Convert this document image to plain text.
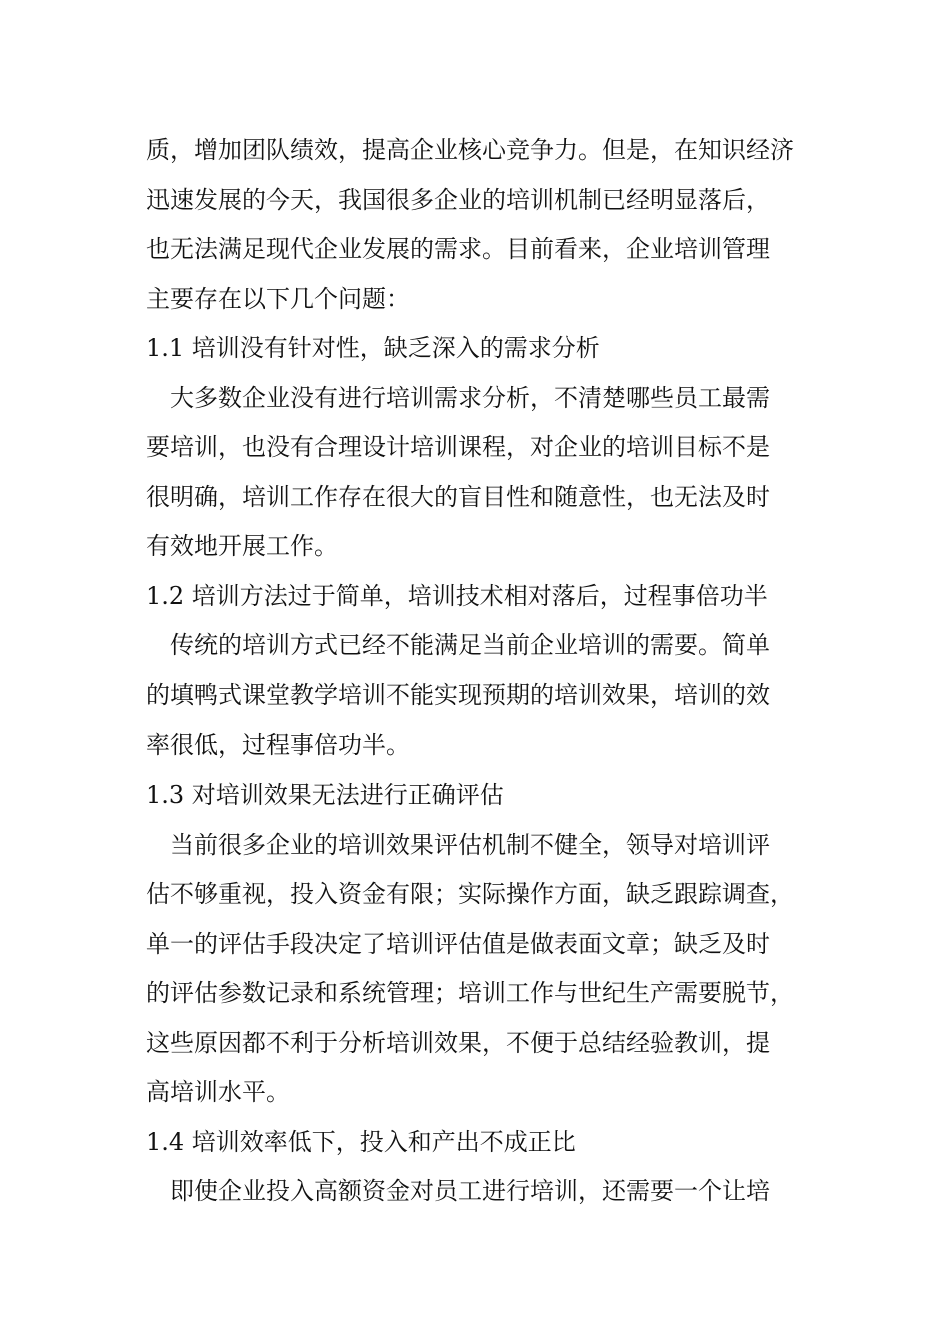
质，增加团队绩效，提高企业核心竞争力。但是，在知识经济
迅速发展的今天，我国很多企业的培训机制已经明显落后，
也无法满足现代企业发展的需求。目前看来，企业培训管理
主要存在以下几个问题：
1.1 培训没有针对性，缺乏深入的需求分析
大多数企业没有进行培训需求分析，不清楚哪些员工最需
要培训，也没有合理设计培训课程，对企业的培训目标不是
很明确，培训工作存在很大的盲目性和随意性，也无法及时
有效地开展工作。
1.2 培训方法过于简单，培训技术相对落后，过程事倍功半
传统的培训方式已经不能满足当前企业培训的需要。简单
的填鸭式课堂教学培训不能实现预期的培训效果，培训的效
率很低，过程事倍功半。
1.3 对培训效果无法进行正确评估
当前很多企业的培训效果评估机制不健全，领导对培训评
估不够重视，投入资金有限；实际操作方面，缺乏跟踪调查，
单一的评估手段决定了培训评估值是做表面文章；缺乏及时
的评估参数记录和系统管理；培训工作与世纪生产需要脱节，
这些原因都不利于分析培训效果，不便于总结经验教训，提
高培训水平。
1.4 培训效率低下，投入和产出不成正比
即使企业投入高额资金对员工进行培训，还需要一个让培
